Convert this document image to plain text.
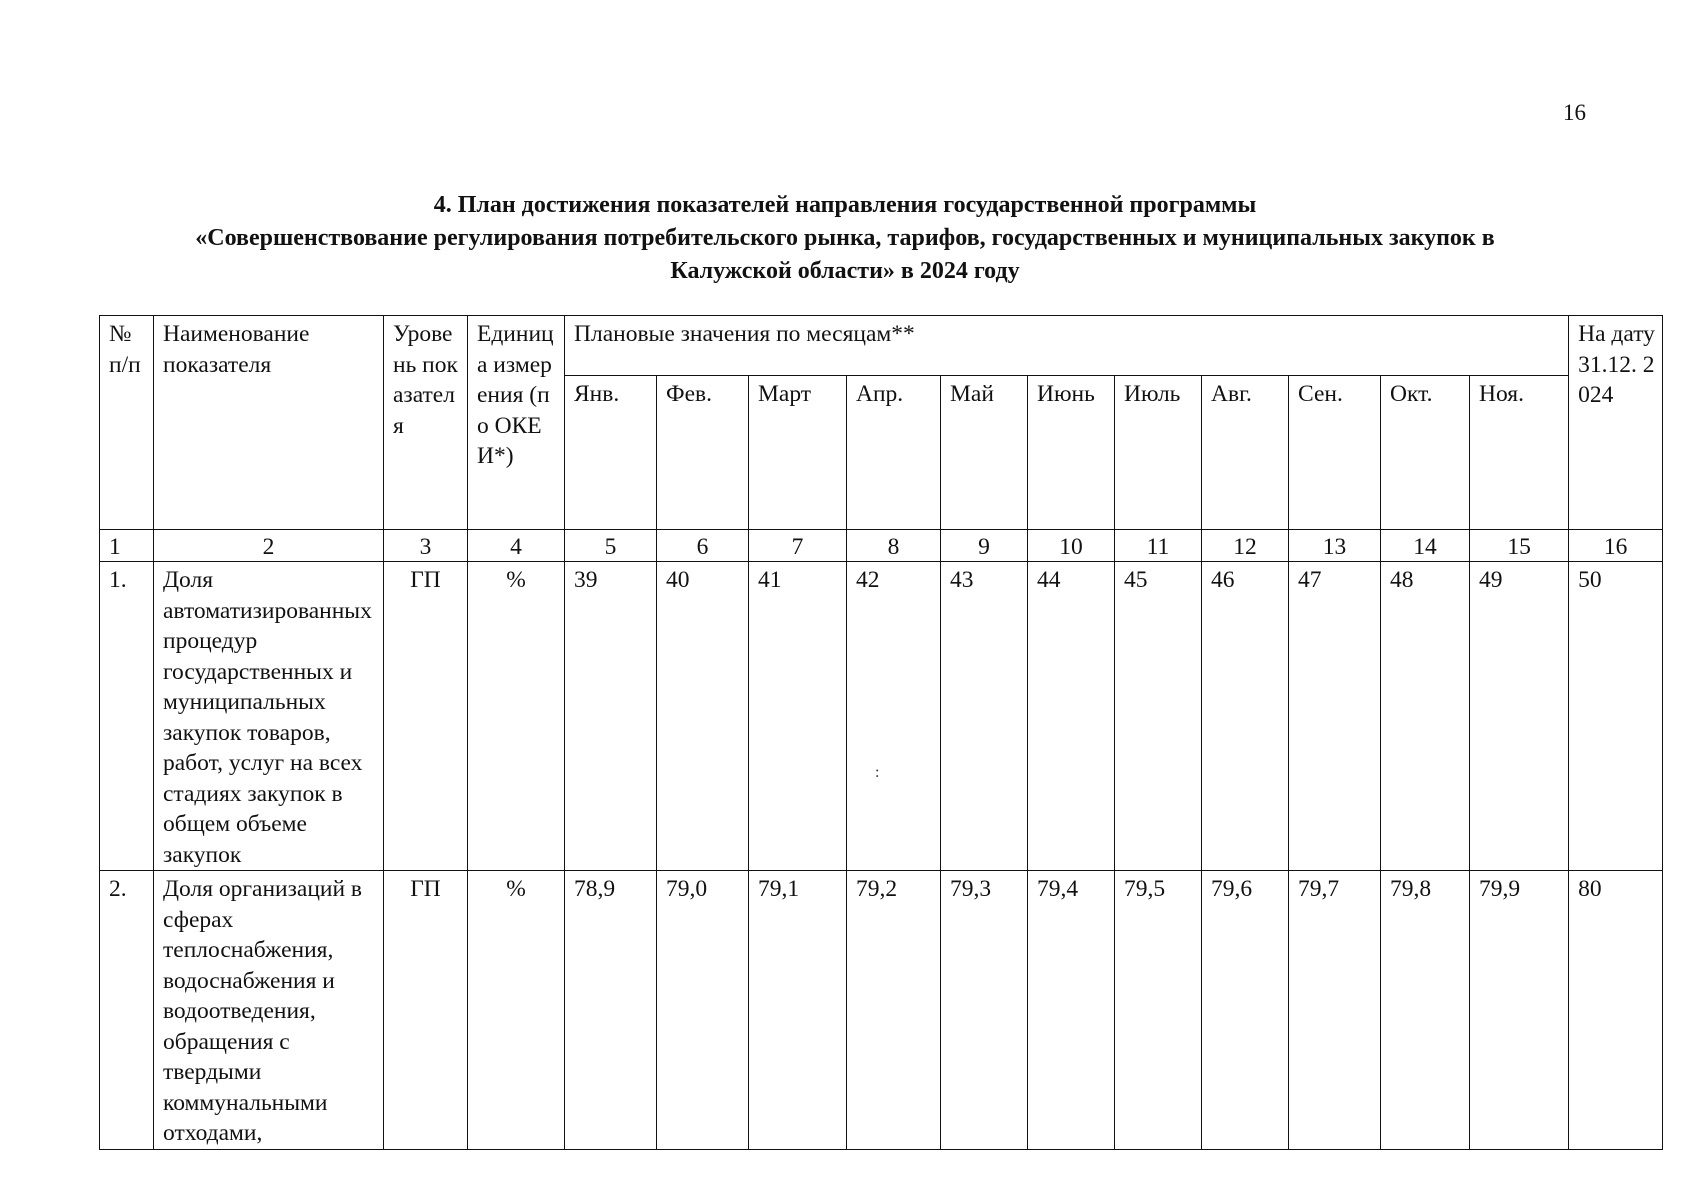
16
4. План достижения показателей направления государственной программы
«Совершенствование регулирования потребительского рынка, тарифов, государственных и муниципальных закупок в
Калужской области» в 2024 году
№ п/п	Наименование показателя	Уровень показателя	Единица измерения (по ОКЕИ*)	Плановые значения по месяцам**											На дату 31.12. 2024
				Янв.	Фев.	Март	Апр.	Май	Июнь	Июль	Авг.	Сен.	Окт.	Ноя.	
1	2	3	4	5	6	7	8	9	10	11	12	13	14	15	16
1.	Доля автоматизированных процедур государственных и муниципальных закупок товаров, работ, услуг на всех стадиях закупок в общем объеме закупок	ГП	%	39	40	41	42	43	44	45	46	47	48	49	50
2.	Доля организаций в сферах теплоснабжения, водоснабжения и водоотведения, обращения с твердыми коммунальными отходами,	ГП	%	78,9	79,0	79,1	79,2	79,3	79,4	79,5	79,6	79,7	79,8	79,9	80
:
